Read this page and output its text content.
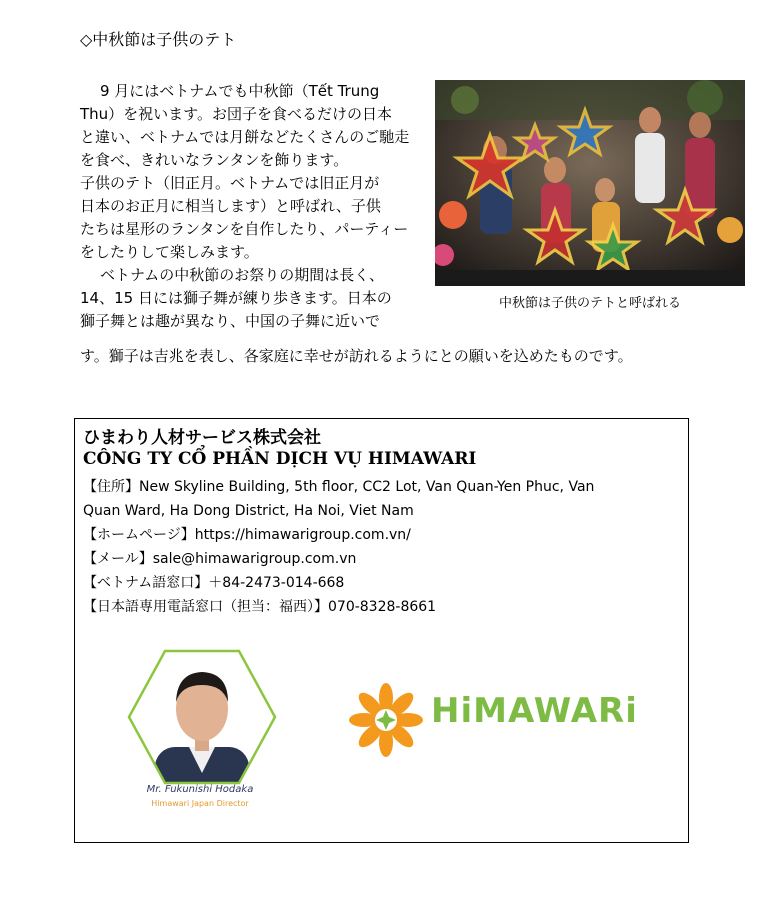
◇中秋節は子供のテト
9 月にはベトナムでも中秋節（Tết Trung
Thu）を祝います。お団子を食べるだけの日本
と違い、ベトナムでは月餅などたくさんのご馳走
を食べ、きれいなランタンを飾ります。
子供のテト（旧正月。ベトナムでは旧正月が
日本のお正月に相当します）と呼ばれ、子供
たちは星形のランタンを自作したり、パーティー
をしたりして楽しみます。
ベトナムの中秋節のお祭りの期間は長く、
14、15 日には獅子舞が練り歩きます。日本の
獅子舞とは趣が異なり、中国の子舞に近いで
す。獅子は吉兆を表し、各家庭に幸せが訪れるようにとの願いを込めたものです。
中秋節は子供のテトと呼ばれる
ひまわり人材サービス株式会社
CÔNG TY CỔ PHẦN DỊCH VỤ HIMAWARI
【住所】New Skyline Building, 5th floor, CC2 Lot, Van Quan-Yen Phuc, Van
Quan Ward, Ha Dong District, Ha Noi, Viet Nam
【ホームページ】https://himawarigroup.com.vn/
【メール】sale@himawarigroup.com.vn
【ベトナム語窓口】＋84-2473-014-668
【日本語専用電話窓口（担当：福西）】070-8328-8661
Mr. Fukunishi Hodaka
Himawari Japan Director
HiMAWARi
